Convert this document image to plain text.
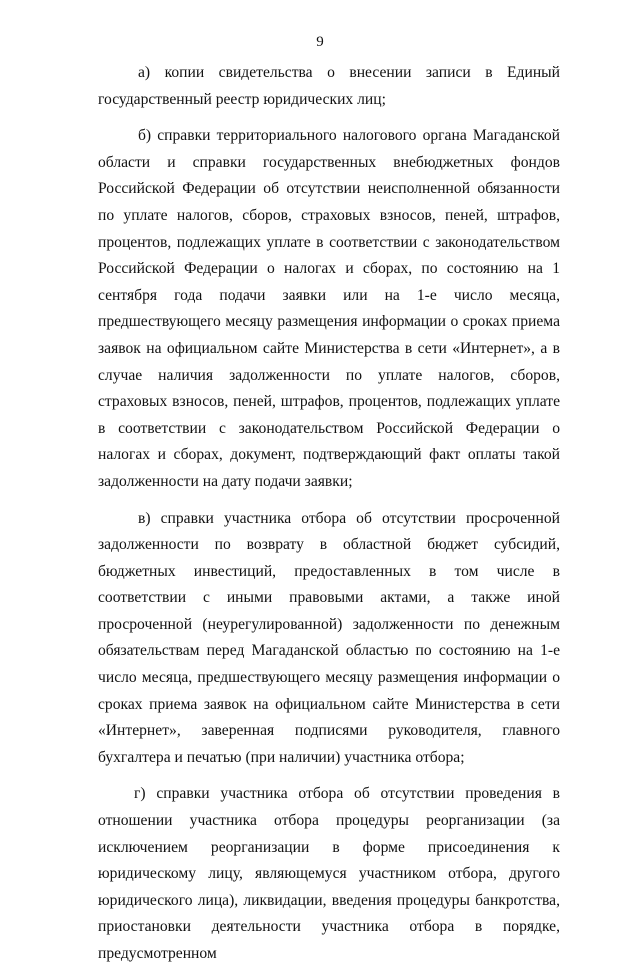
9

а) копии свидетельства о внесении записи в Единый государственный реестр юридических лиц;

б) справки территориального налогового органа Магаданской области и справки государственных внебюджетных фондов Российской Федерации об отсутствии неисполненной обязанности по уплате налогов, сборов, страховых взносов, пеней, штрафов, процентов, подлежащих уплате в соответствии с законодательством Российской Федерации о налогах и сборах, по состоянию на 1 сентября года подачи заявки или на 1-е число месяца, предшествующего месяцу размещения информации о сроках приема заявок на официальном сайте Министерства в сети «Интернет», а в случае наличия задолженности по уплате налогов, сборов, страховых взносов, пеней, штрафов, процентов, подлежащих уплате в соответствии с законодательством Российской Федерации о налогах и сборах, документ, подтверждающий факт оплаты такой задолженности на дату подачи заявки;

в) справки участника отбора об отсутствии просроченной задолженности по возврату в областной бюджет субсидий, бюджетных инвестиций, предоставленных в том числе в соответствии с иными правовыми актами, а также иной просроченной (неурегулированной) задолженности по денежным обязательствам перед Магаданской областью по состоянию на 1-е число месяца, предшествующего месяцу размещения информации о сроках приема заявок на официальном сайте Министерства в сети «Интернет», заверенная подписями руководителя, главного бухгалтера и печатью (при наличии) участника отбора;

г) справки участника отбора об отсутствии проведения в отношении участника отбора процедуры реорганизации (за исключением реорганизации в форме присоединения к юридическому лицу, являющемуся участником отбора, другого юридического лица), ликвидации, введения процедуры банкротства, приостановки деятельности участника отбора в порядке, предусмотренном
